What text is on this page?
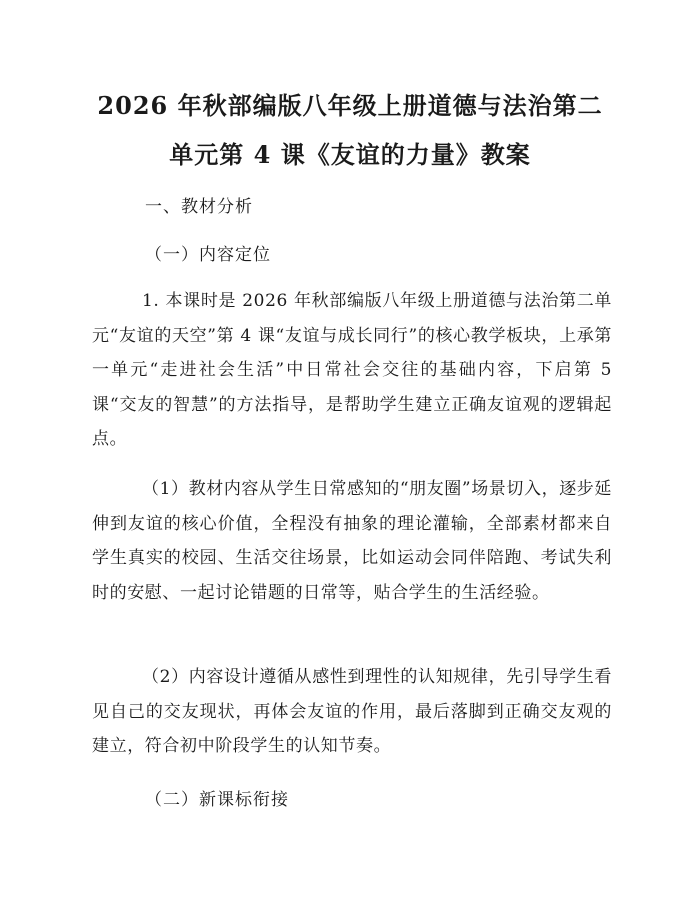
2026 年秋部编版八年级上册道德与法治第二
单元第 4 课《友谊的力量》教案
一、教材分析
（一）内容定位
1. 本课时是 2026 年秋部编版八年级上册道德与法治第二单元“友谊的天空”第 4 课“友谊与成长同行”的核心教学板块，上承第一单元“走进社会生活”中日常社会交往的基础内容，下启第 5 课“交友的智慧”的方法指导，是帮助学生建立正确友谊观的逻辑起点。
（1）教材内容从学生日常感知的“朋友圈”场景切入，逐步延伸到友谊的核心价值，全程没有抽象的理论灌输，全部素材都来自学生真实的校园、生活交往场景，比如运动会同伴陪跑、考试失利时的安慰、一起讨论错题的日常等，贴合学生的生活经验。
（2）内容设计遵循从感性到理性的认知规律，先引导学生看见自己的交友现状，再体会友谊的作用，最后落脚到正确交友观的建立，符合初中阶段学生的认知节奏。
（二）新课标衔接
